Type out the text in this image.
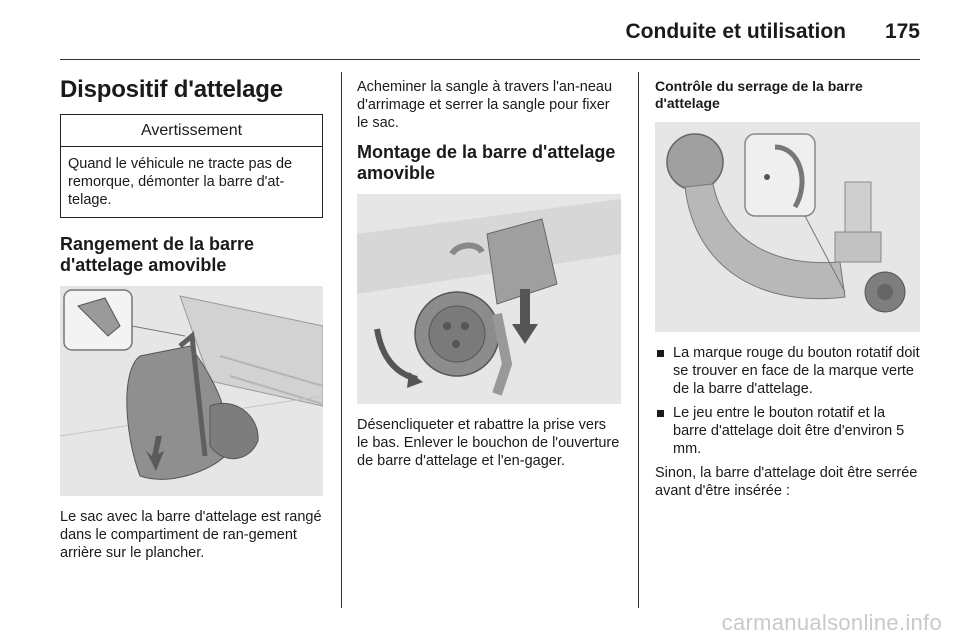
Conduite et utilisation 175
Dispositif d'attelage
Avertissement
Quand le véhicule ne tracte pas de remorque, démonter la barre d'at-telage.
Rangement de la barre d'attelage amovible

Le sac avec la barre d'attelage est rangé dans le compartiment de ran-gement arrière sur le plancher.

Acheminer la sangle à travers l'an-neau d'arrimage et serrer la sangle pour fixer le sac.

Montage de la barre d'attelage amovible

Désencliqueter et rabattre la prise vers le bas. Enlever le bouchon de l'ouverture de barre d'attelage et l'en-gager.

Contrôle du serrage de la barre d'attelage
La marque rouge du bouton rotatif doit se trouver en face de la marque verte de la barre d'attelage.
Le jeu entre le bouton rotatif et la barre d'attelage doit être d'environ 5 mm.

Sinon, la barre d'attelage doit être serrée avant d'être insérée :

carmanualsonline.info
